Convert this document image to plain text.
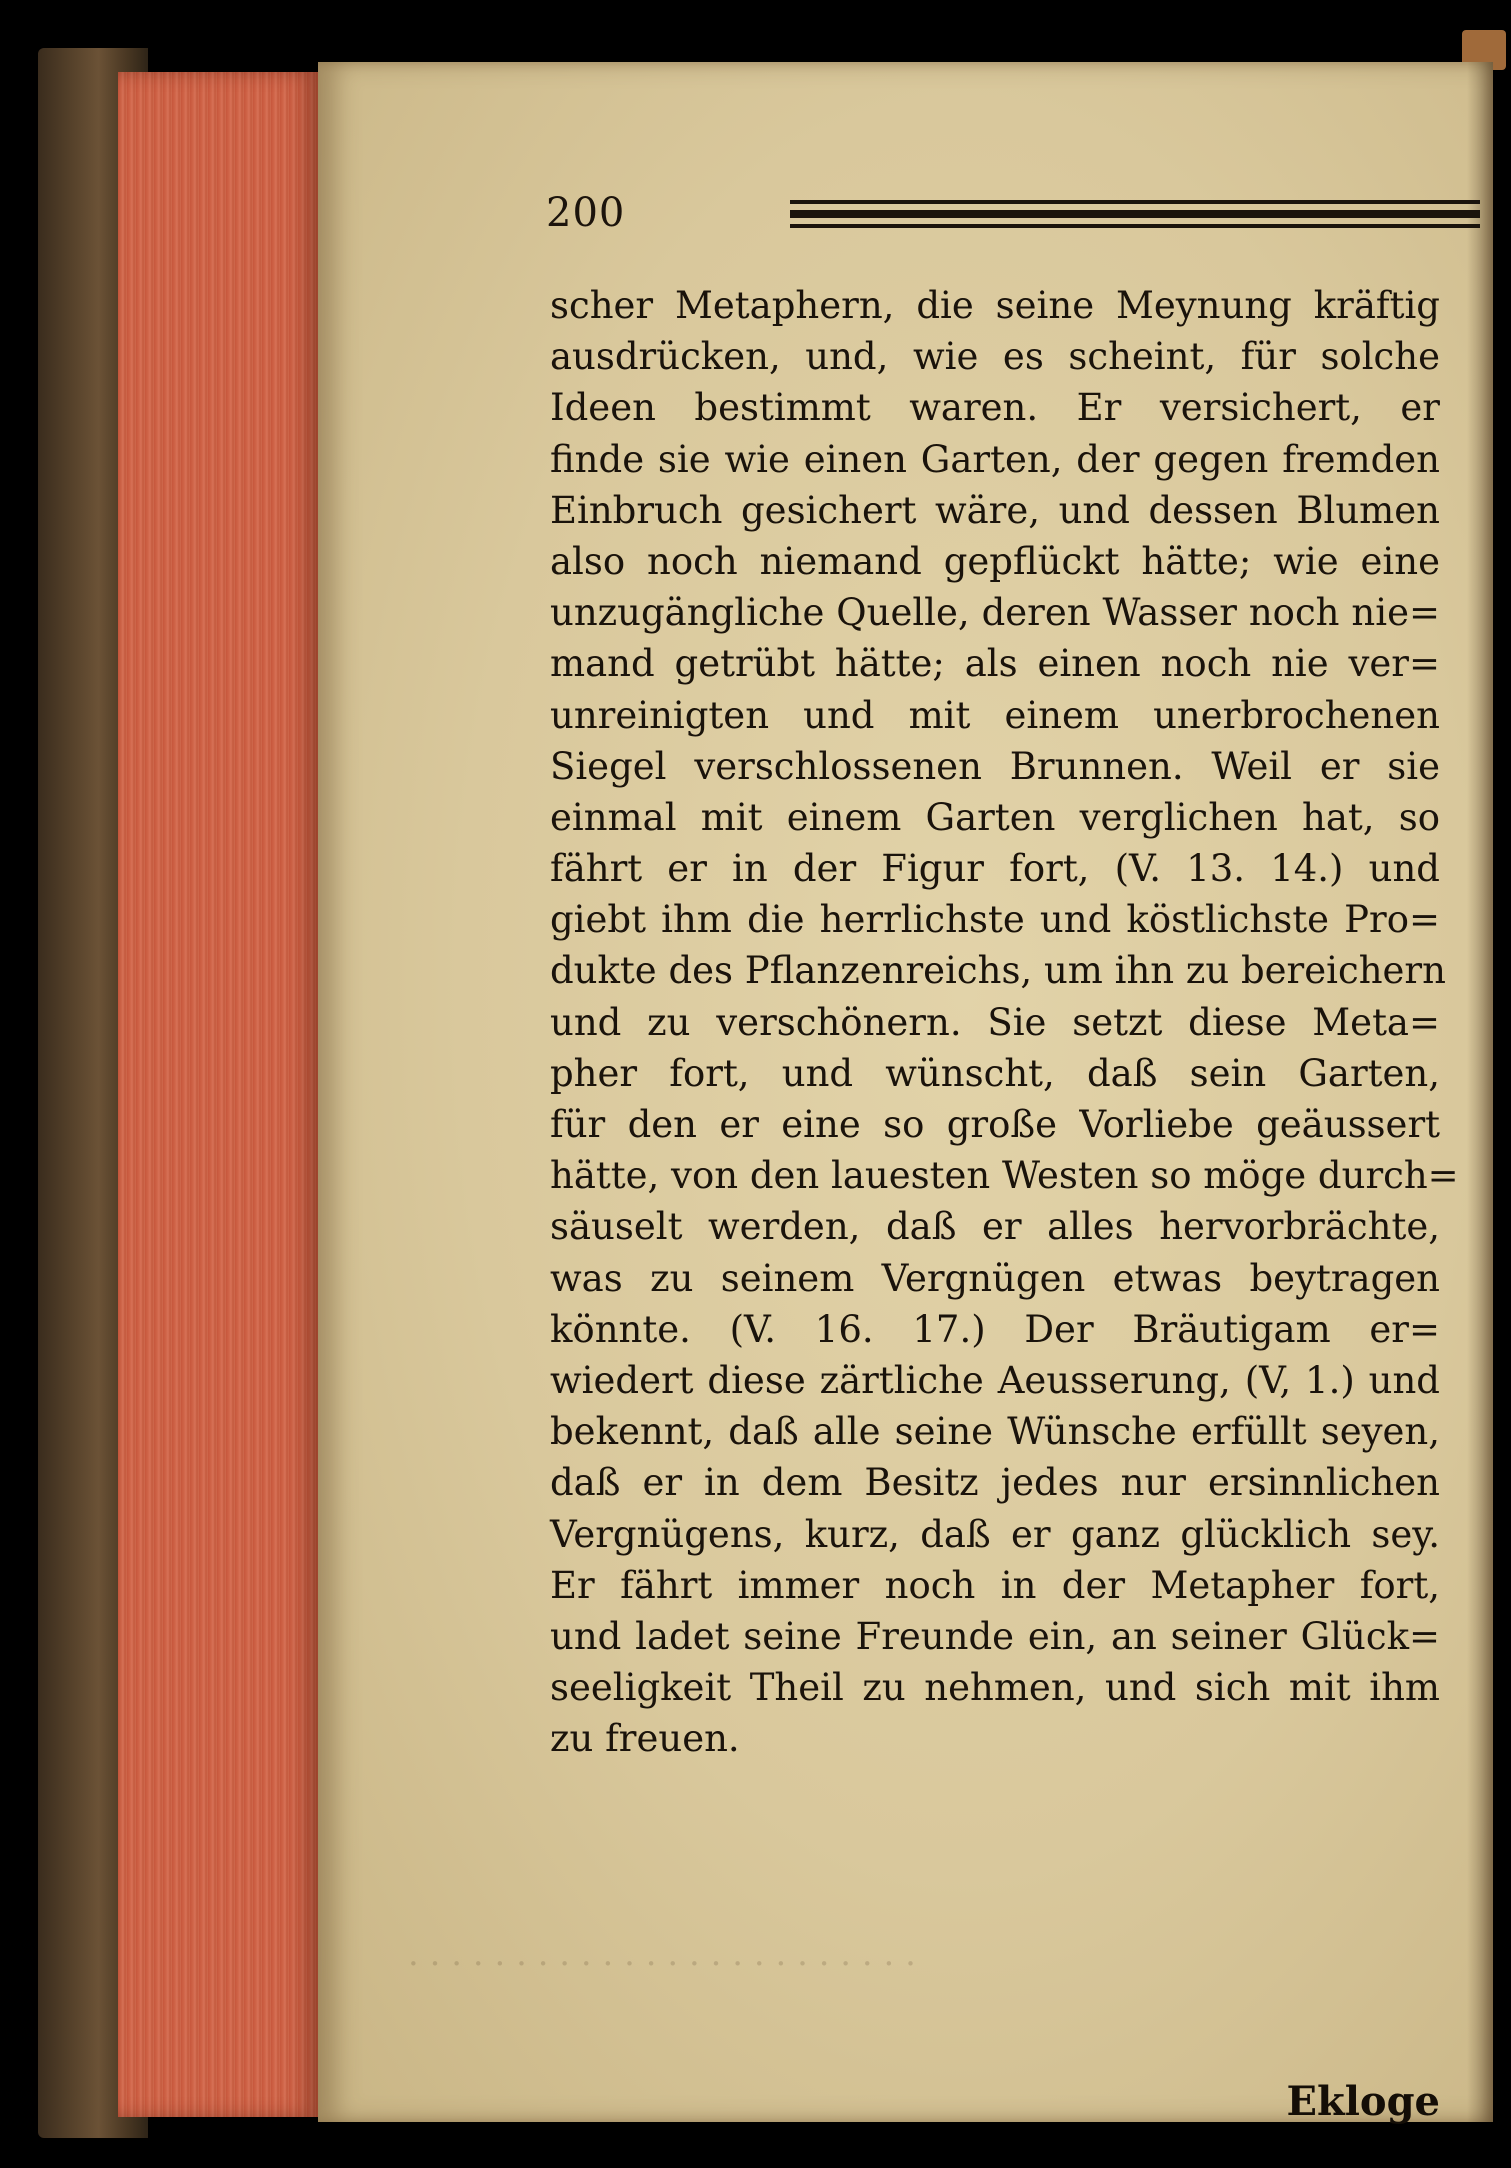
· · · · · · · · · · · · · · · · · · · · · · · ·
200
scher Metaphern, die seine Meynung kräftig
ausdrücken, und, wie es scheint, für solche
Ideen bestimmt waren. Er versichert, er
finde sie wie einen Garten, der gegen fremden
Einbruch gesichert wäre, und dessen Blumen
also noch niemand gepflückt hätte; wie eine
unzugängliche Quelle, deren Wasser noch nie=
mand getrübt hätte; als einen noch nie ver=
unreinigten und mit einem unerbrochenen
Siegel verschlossenen Brunnen. Weil er sie
einmal mit einem Garten verglichen hat, so
fährt er in der Figur fort, (V. 13. 14.) und
giebt ihm die herrlichste und köstlichste Pro=
dukte des Pflanzenreichs, um ihn zu bereichern
und zu verschönern. Sie setzt diese Meta=
pher fort, und wünscht, daß sein Garten,
für den er eine so große Vorliebe geäussert
hätte, von den lauesten Westen so möge durch=
säuselt werden, daß er alles hervorbrächte,
was zu seinem Vergnügen etwas beytragen
könnte. (V. 16. 17.) Der Bräutigam er=
wiedert diese zärtliche Aeusserung, (V, 1.) und
bekennt, daß alle seine Wünsche erfüllt seyen,
daß er in dem Besitz jedes nur ersinnlichen
Vergnügens, kurz, daß er ganz glücklich sey.
Er fährt immer noch in der Metapher fort,
und ladet seine Freunde ein, an seiner Glück=
seeligkeit Theil zu nehmen, und sich mit ihm
zu freuen.
Ekloge
